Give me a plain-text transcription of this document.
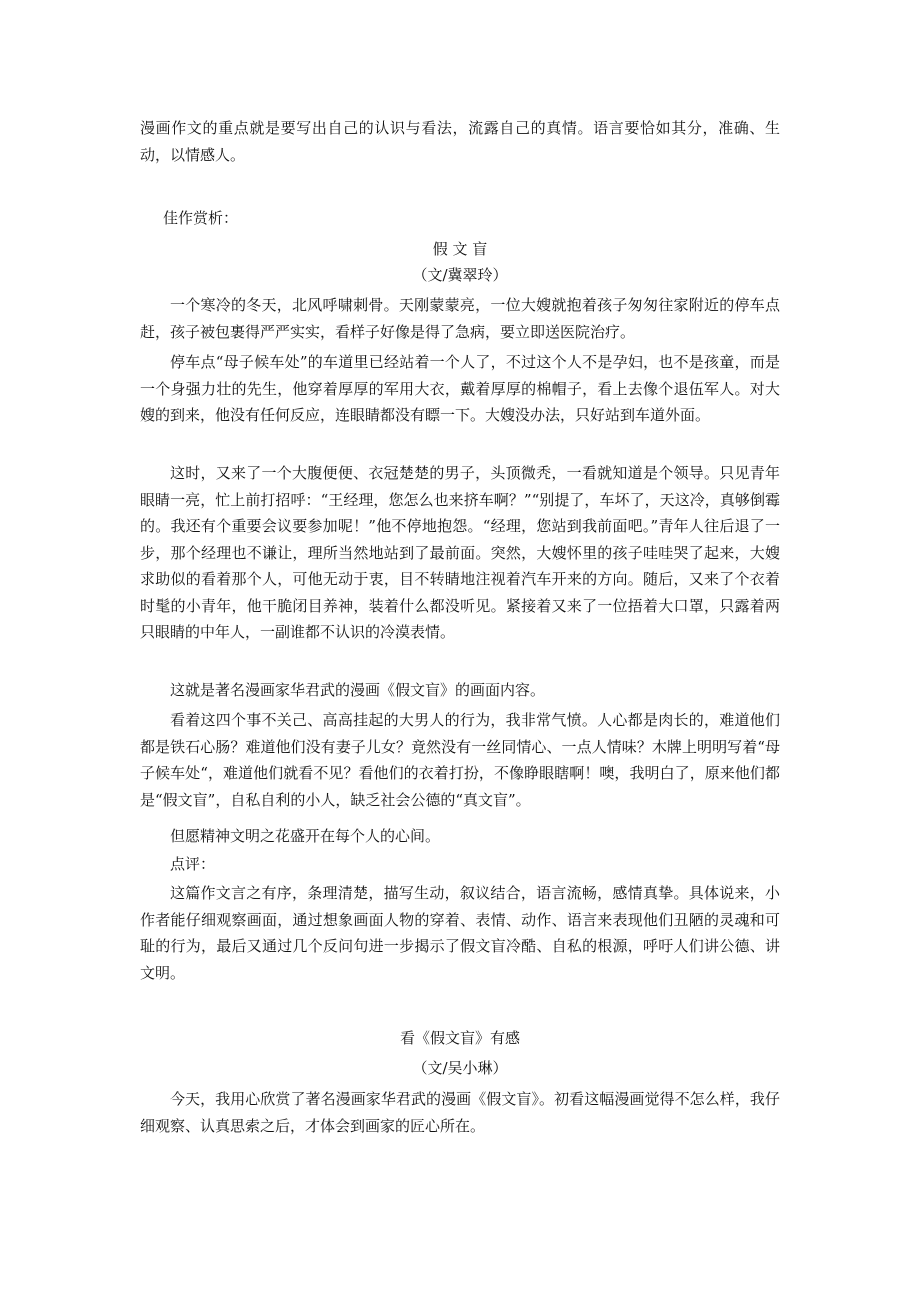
漫画作文的重点就是要写出自己的认识与看法，流露自己的真情。语言要恰如其分，准确、生动，以情感人。

佳作赏析：

假 文 盲

（文/冀翠玲）

一个寒冷的冬天，北风呼啸刺骨。天刚蒙蒙亮，一位大嫂就抱着孩子匆匆往家附近的停车点赶，孩子被包裹得严严实实，看样子好像是得了急病，要立即送医院治疗。

停车点“母子候车处”的车道里已经站着一个人了，不过这个人不是孕妇，也不是孩童，而是一个身强力壮的先生，他穿着厚厚的军用大衣，戴着厚厚的棉帽子，看上去像个退伍军人。对大嫂的到来，他没有任何反应，连眼睛都没有瞟一下。大嫂没办法，只好站到车道外面。

这时，又来了一个大腹便便、衣冠楚楚的男子，头顶微秃，一看就知道是个领导。只见青年眼睛一亮，忙上前打招呼：“王经理，您怎么也来挤车啊？”“别提了，车坏了，天这冷，真够倒霉的。我还有个重要会议要参加呢！”他不停地抱怨。“经理，您站到我前面吧。”青年人往后退了一步，那个经理也不谦让，理所当然地站到了最前面。突然，大嫂怀里的孩子哇哇哭了起来，大嫂求助似的看着那个人，可他无动于衷，目不转睛地注视着汽车开来的方向。随后，又来了个衣着时髦的小青年，他干脆闭目养神，装着什么都没听见。紧接着又来了一位捂着大口罩，只露着两只眼睛的中年人，一副谁都不认识的冷漠表情。

这就是著名漫画家华君武的漫画《假文盲》的画面内容。

看着这四个事不关己、高高挂起的大男人的行为，我非常气愤。人心都是肉长的，难道他们都是铁石心肠？难道他们没有妻子儿女？竟然没有一丝同情心、一点人情味？木牌上明明写着“母子候车处“，难道他们就看不见？看他们的衣着打扮，不像睁眼瞎啊！噢，我明白了，原来他们都是“假文盲”，自私自利的小人，缺乏社会公德的“真文盲”。

但愿精神文明之花盛开在每个人的心间。

点评：

这篇作文言之有序，条理清楚，描写生动，叙议结合，语言流畅，感情真挚。具体说来，小作者能仔细观察画面，通过想象画面人物的穿着、表情、动作、语言来表现他们丑陋的灵魂和可耻的行为，最后又通过几个反问句进一步揭示了假文盲冷酷、自私的根源，呼吁人们讲公德、讲文明。

看《假文盲》有感

（文/吴小琳）

今天，我用心欣赏了著名漫画家华君武的漫画《假文盲》。初看这幅漫画觉得不怎么样，我仔细观察、认真思索之后，才体会到画家的匠心所在。
